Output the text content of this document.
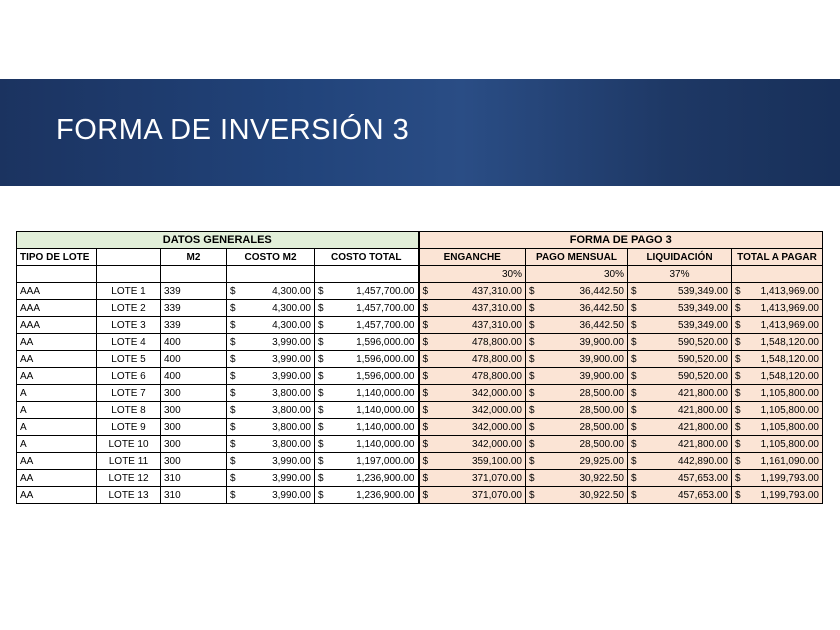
FORMA DE INVERSIÓN 3
DATOS GENERALES					FORMA DE PAGO 3			
TIPO DE LOTE		M2	COSTO M2	COSTO TOTAL	ENGANCHE	PAGO MENSUAL	LIQUIDACIÓN	TOTAL A PAGAR
					30%	30%	37%	
AAA	LOTE 1	339	$ 4,300.00	$ 1,457,700.00	$ 437,310.00	$ 36,442.50	$ 539,349.00	$ 1,413,969.00

AAA	LOTE 2	339	$ 4,300.00	$ 1,457,700.00	$ 437,310.00	$ 36,442.50	$ 539,349.00	$ 1,413,969.00

AAA	LOTE 3	339	$ 4,300.00	$ 1,457,700.00	$ 437,310.00	$ 36,442.50	$ 539,349.00	$ 1,413,969.00

AA	LOTE 4	400	$ 3,990.00	$ 1,596,000.00	$ 478,800.00	$ 39,900.00	$ 590,520.00	$ 1,548,120.00

AA	LOTE 5	400	$ 3,990.00	$ 1,596,000.00	$ 478,800.00	$ 39,900.00	$ 590,520.00	$ 1,548,120.00

AA	LOTE 6	400	$ 3,990.00	$ 1,596,000.00	$ 478,800.00	$ 39,900.00	$ 590,520.00	$ 1,548,120.00

A	LOTE 7	300	$ 3,800.00	$ 1,140,000.00	$ 342,000.00	$ 28,500.00	$ 421,800.00	$ 1,105,800.00

A	LOTE 8	300	$ 3,800.00	$ 1,140,000.00	$ 342,000.00	$ 28,500.00	$ 421,800.00	$ 1,105,800.00

A	LOTE 9	300	$ 3,800.00	$ 1,140,000.00	$ 342,000.00	$ 28,500.00	$ 421,800.00	$ 1,105,800.00

A	LOTE 10	300	$ 3,800.00	$ 1,140,000.00	$ 342,000.00	$ 28,500.00	$ 421,800.00	$ 1,105,800.00

AA	LOTE 11	300	$ 3,990.00	$ 1,197,000.00	$ 359,100.00	$ 29,925.00	$ 442,890.00	$ 1,161,090.00

AA	LOTE 12	310	$ 3,990.00	$ 1,236,900.00	$ 371,070.00	$ 30,922.50	$ 457,653.00	$ 1,199,793.00

AA	LOTE 13	310	$ 3,990.00	$ 1,236,900.00	$ 371,070.00	$ 30,922.50	$ 457,653.00	$ 1,199,793.00
